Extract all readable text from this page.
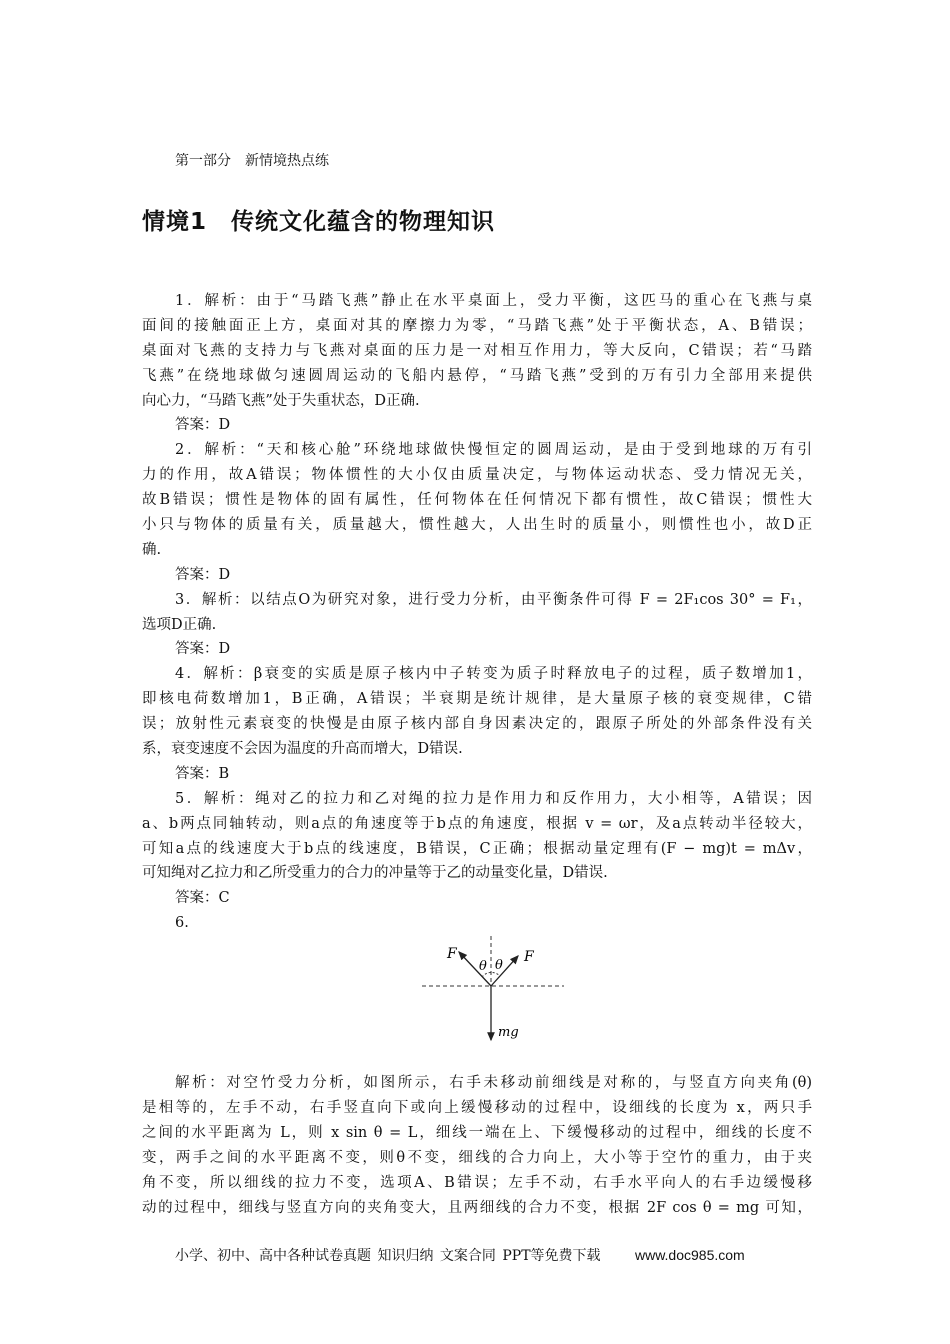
第一部分　新情境热点练
情境1　传统文化蕴含的物理知识
1．解析：由于“马踏飞燕”静止在水平桌面上，受力平衡，这匹马的重心在飞燕与桌
面间的接触面正上方，桌面对其的摩擦力为零，“马踏飞燕”处于平衡状态，A、B错误；
桌面对飞燕的支持力与飞燕对桌面的压力是一对相互作用力，等大反向，C错误；若“马踏
飞燕”在绕地球做匀速圆周运动的飞船内悬停，“马踏飞燕”受到的万有引力全部用来提供
向心力，“马踏飞燕”处于失重状态，D正确.
答案：D
2．解析：“天和核心舱”环绕地球做快慢恒定的圆周运动，是由于受到地球的万有引
力的作用，故A错误；物体惯性的大小仅由质量决定，与物体运动状态、受力情况无关，
故B错误；惯性是物体的固有属性，任何物体在任何情况下都有惯性，故C错误；惯性大
小只与物体的质量有关，质量越大，惯性越大，人出生时的质量小，则惯性也小，故D正
确.
答案：D
3．解析：以结点O为研究对象，进行受力分析，由平衡条件可得 F = 2F₁cos 30° = F₁，
选项D正确.
答案：D
4．解析：β衰变的实质是原子核内中子转变为质子时释放电子的过程，质子数增加1，
即核电荷数增加1，B正确，A错误；半衰期是统计规律，是大量原子核的衰变规律，C错
误；放射性元素衰变的快慢是由原子核内部自身因素决定的，跟原子所处的外部条件没有关
系，衰变速度不会因为温度的升高而增大，D错误.
答案：B
5．解析：绳对乙的拉力和乙对绳的拉力是作用力和反作用力，大小相等，A错误；因
a、b两点同轴转动，则a点的角速度等于b点的角速度，根据 v = ωr，及a点转动半径较大，
可知a点的线速度大于b点的线速度，B错误，C正确；根据动量定理有(F − mg)t = mΔv，
可知绳对乙拉力和乙所受重力的合力的冲量等于乙的动量变化量，D错误.
答案：C
6.
F	F
θ θ
mg
解析：对空竹受力分析，如图所示，右手未移动前细线是对称的，与竖直方向夹角(θ)
是相等的，左手不动，右手竖直向下或向上缓慢移动的过程中，设细线的长度为 x，两只手
之间的水平距离为 L，则 x sin θ = L，细线一端在上、下缓慢移动的过程中，细线的长度不
变，两手之间的水平距离不变，则θ不变，细线的合力向上，大小等于空竹的重力，由于夹
角不变，所以细线的拉力不变，选项A、B错误；左手不动，右手水平向人的右手边缓慢移
动的过程中，细线与竖直方向的夹角变大，且两细线的合力不变，根据 2F cos θ = mg 可知，
小学、初中、高中各种试卷真题 知识归纳 文案合同 PPT等免费下载 www.doc985.com
